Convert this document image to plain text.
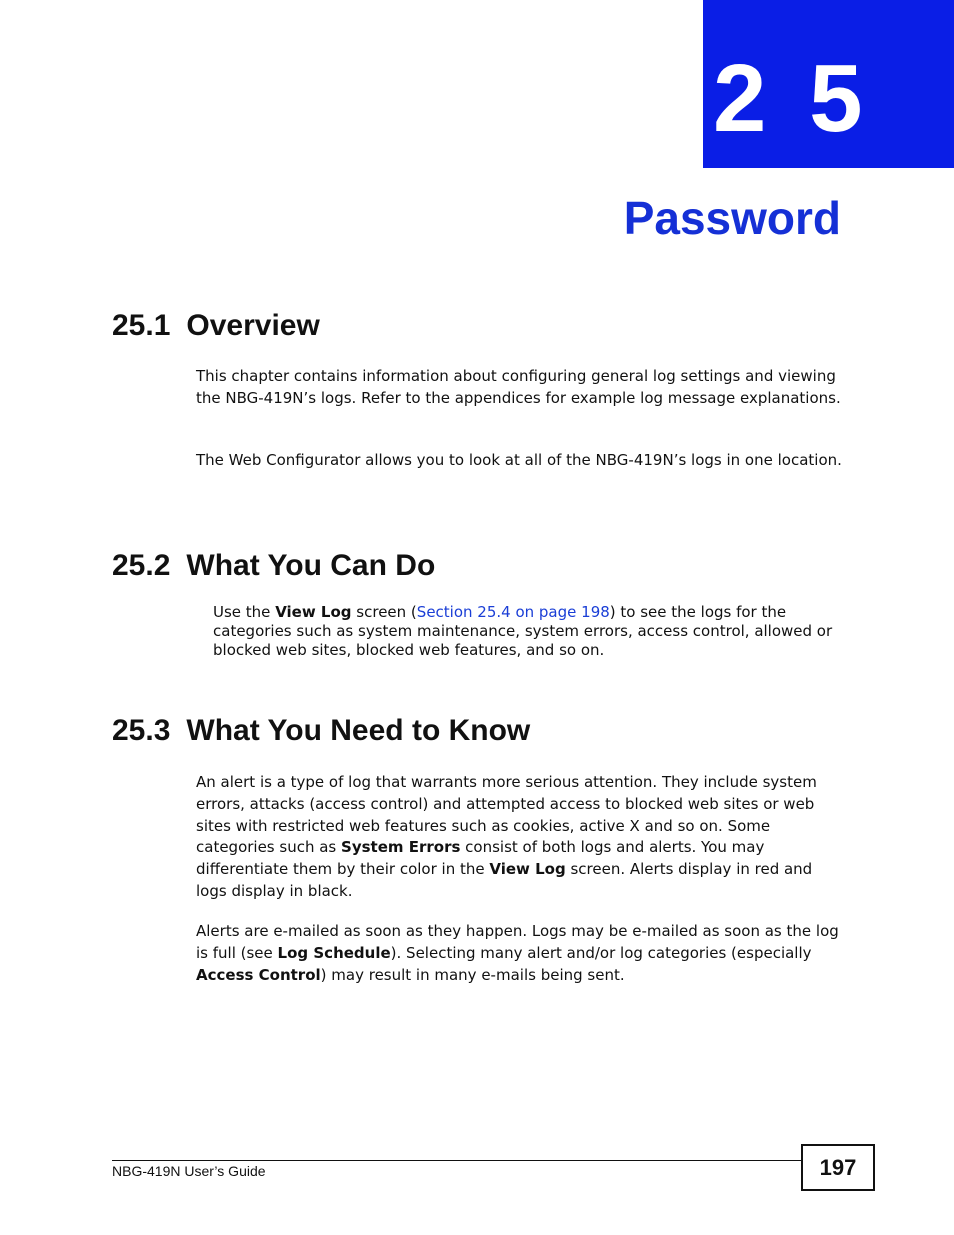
2 5
Password
25.1 Overview

This chapter contains information about configuring general log settings and viewing the NBG-419N’s logs. Refer to the appendices for example log message explanations.

The Web Configurator allows you to look at all of the NBG-419N’s logs in one location.

25.2 What You Can Do

Use the View Log screen (Section 25.4 on page 198) to see the logs for the categories such as system maintenance, system errors, access control, allowed or blocked web sites, blocked web features, and so on.

25.3 What You Need to Know

An alert is a type of log that warrants more serious attention. They include system errors, attacks (access control) and attempted access to blocked web sites or web sites with restricted web features such as cookies, active X and so on. Some categories such as System Errors consist of both logs and alerts. You may differentiate them by their color in the View Log screen. Alerts display in red and logs display in black.

Alerts are e-mailed as soon as they happen. Logs may be e-mailed as soon as the log is full (see Log Schedule). Selecting many alert and/or log categories (especially Access Control) may result in many e-mails being sent.

NBG-419N User’s Guide	197
